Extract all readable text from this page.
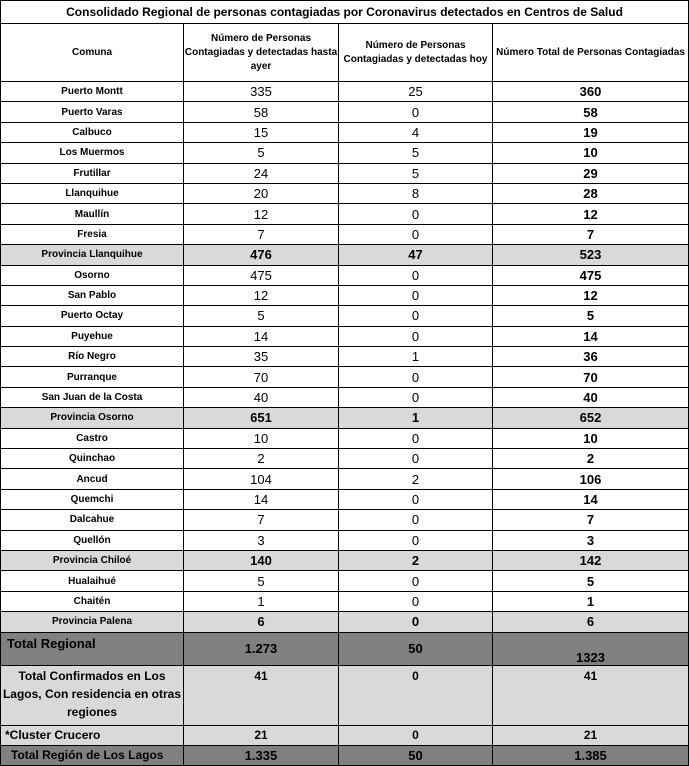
Consolidado Regional de personas contagiadas por Coronavirus detectados en Centros de Salud			
Comuna	Número de Personas Contagiadas y detectadas hasta ayer	Número de Personas Contagiadas y detectadas hoy	Número Total de Personas Contagiadas
Puerto Montt	335	25	360
Puerto Varas	58	0	58
Calbuco	15	4	19
Los Muermos	5	5	10
Frutillar	24	5	29
Llanquihue	20	8	28
Maullín	12	0	12
Fresia	7	0	7
Provincia Llanquihue	476	47	523
Osorno	475	0	475
San Pablo	12	0	12
Puerto Octay	5	0	5
Puyehue	14	0	14
Río Negro	35	1	36
Purranque	70	0	70
San Juan de la Costa	40	0	40
Provincia Osorno	651	1	652
Castro	10	0	10
Quinchao	2	0	2
Ancud	104	2	106
Quemchi	14	0	14
Dalcahue	7	0	7
Quellón	3	0	3
Provincia Chiloé	140	2	142
Hualaihué	5	0	5
Chaitén	1	0	1
Provincia Palena	6	0	6
Total Regional	1.273	50	1323
Total Confirmados en Los Lagos, Con residencia en otras regiones	41	0	41
*Cluster Crucero	21	0	21
Total Región de Los Lagos	1.335	50	1.385
